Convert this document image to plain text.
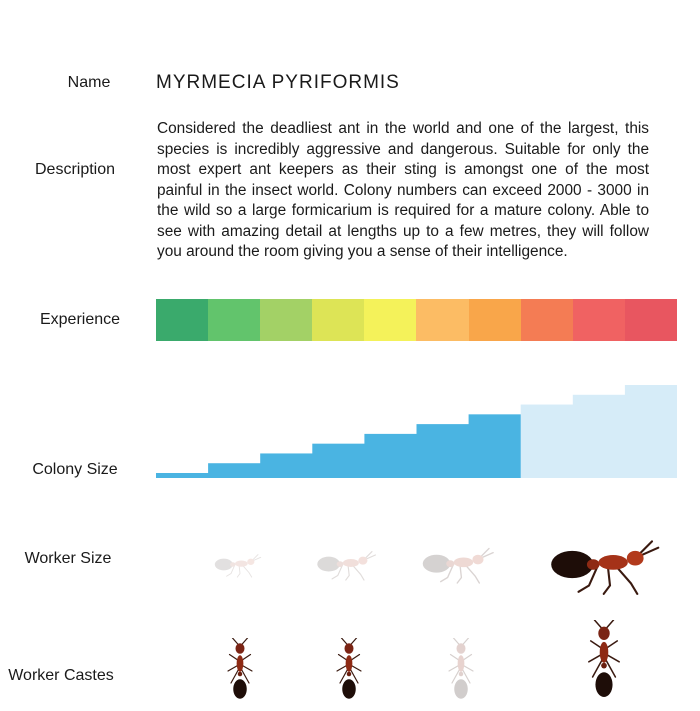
Name
Description
Experience
Colony Size
Worker Size
Worker Castes
MYRMECIA PYRIFORMIS
Considered the deadliest ant in the world and one of the largest, this species is incredibly aggressive and dangerous. Suitable for only the most expert ant keepers as their sting is amongst one of the most painful in the insect world. Colony numbers can exceed 2000 - 3000 in the wild so a large formicarium is required for a mature colony. Able to see with amazing detail at lengths up to a few metres, they will follow you around the room giving you a sense of their intelligence.
